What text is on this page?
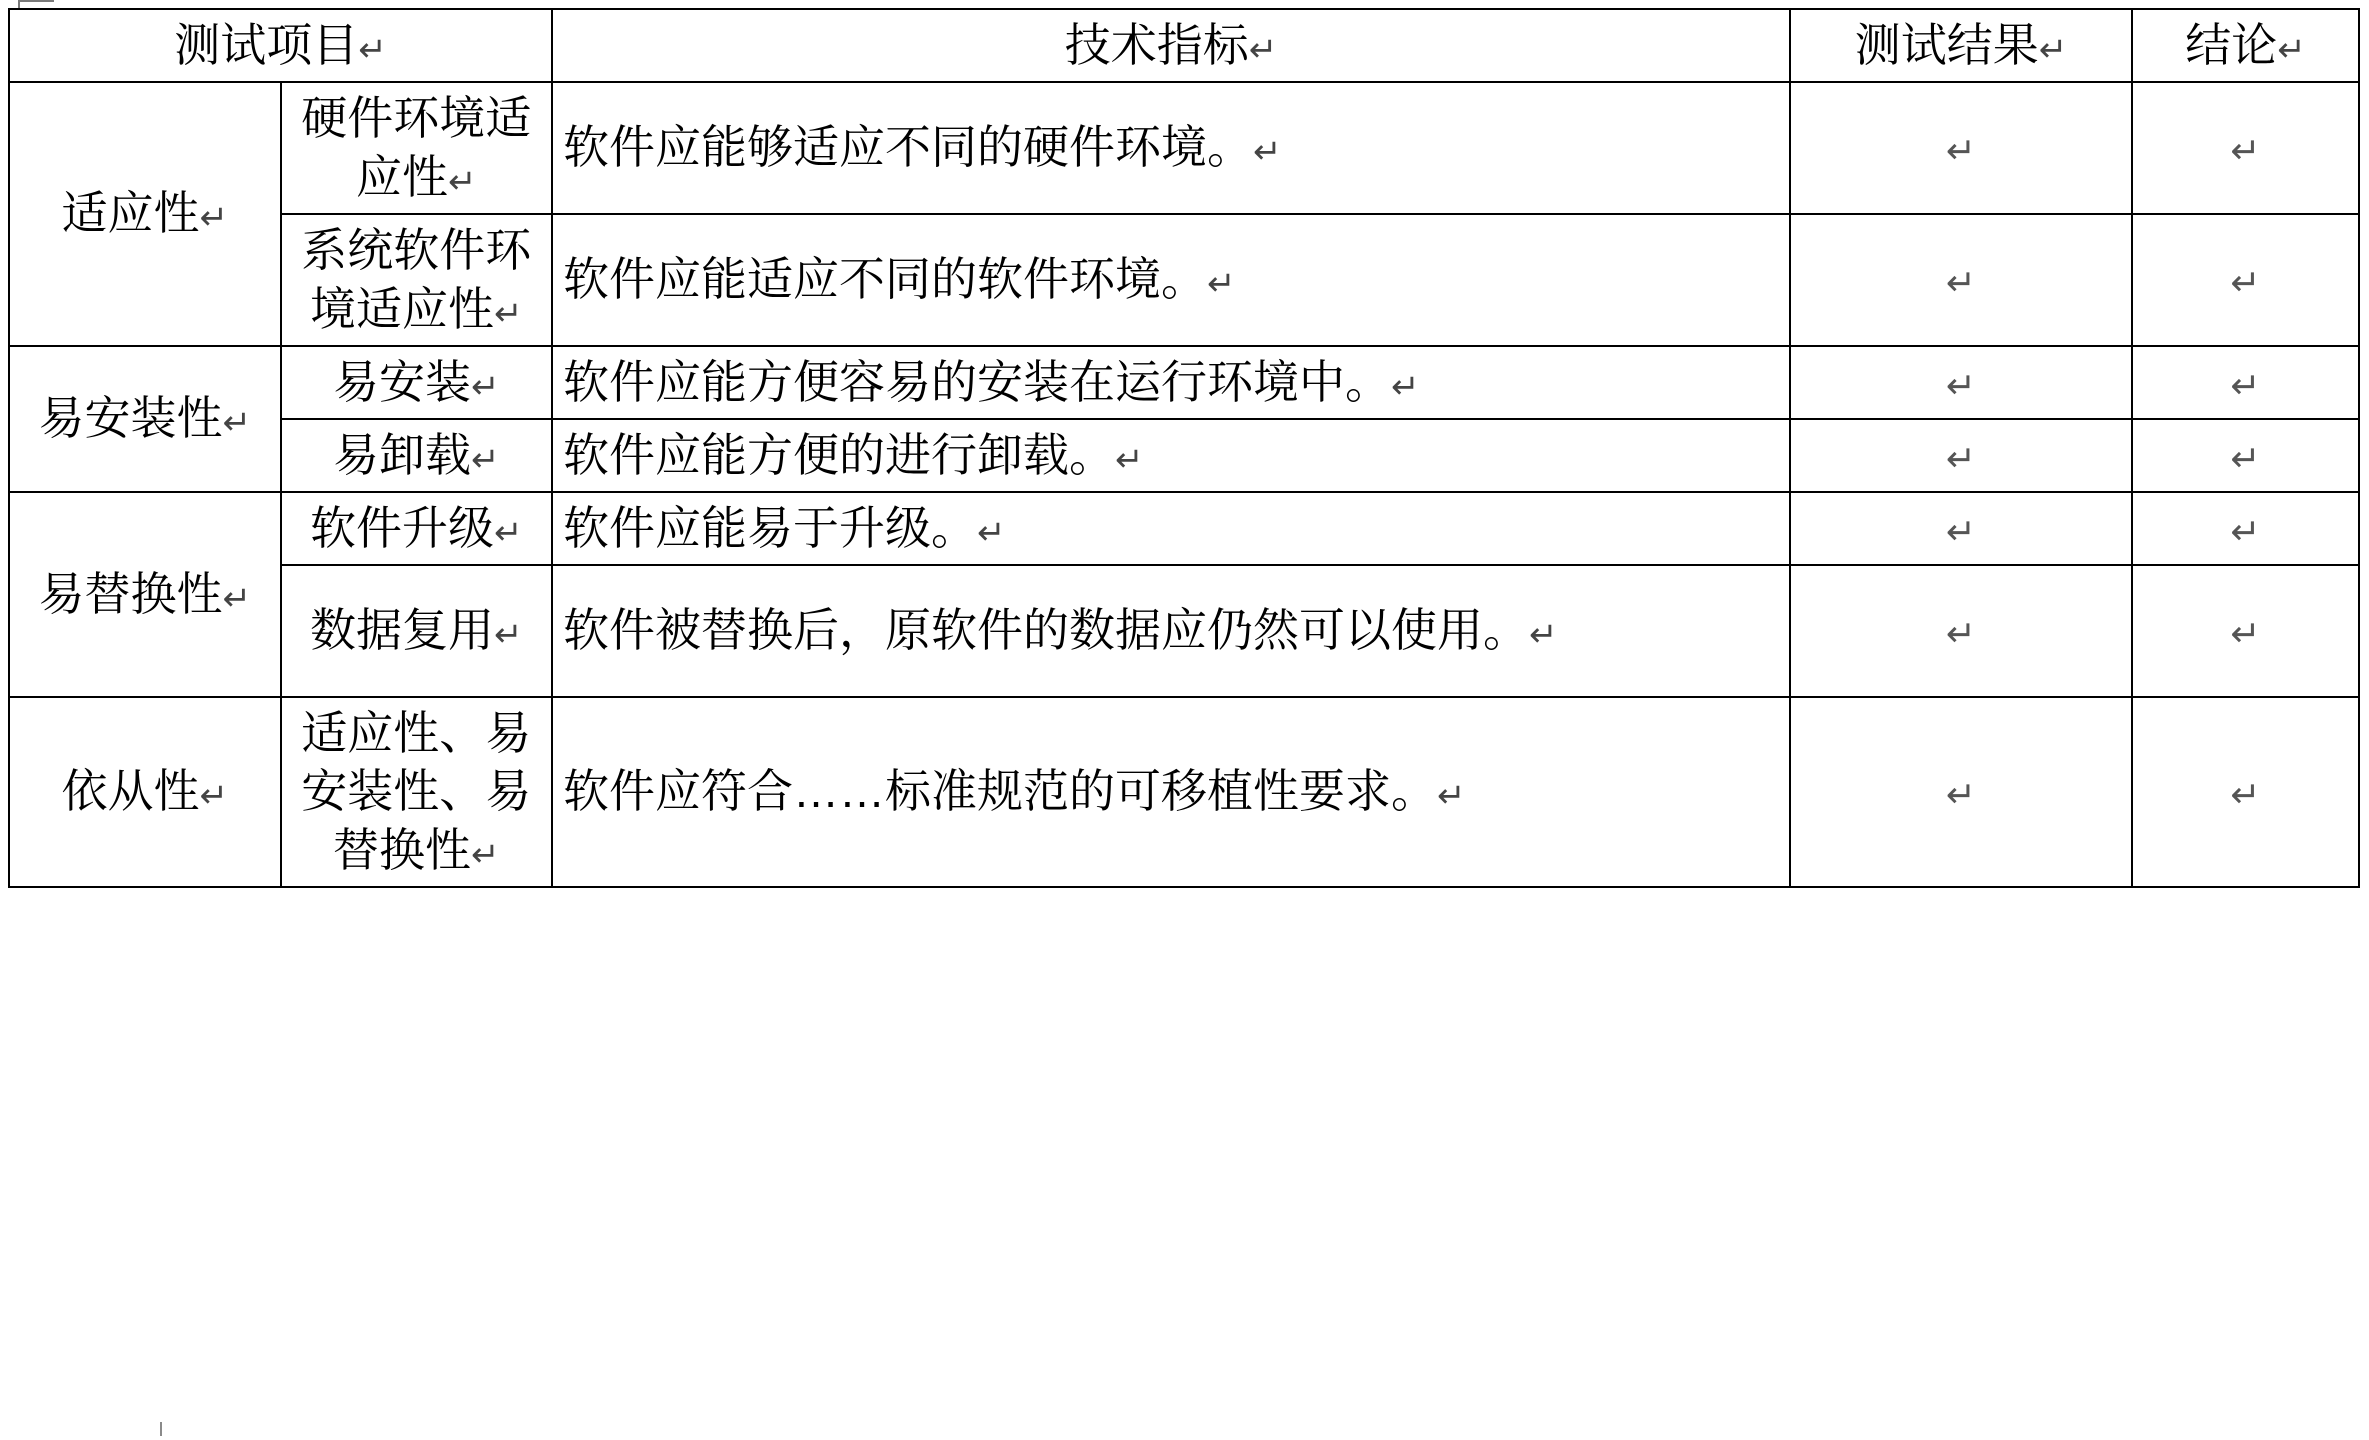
测试项目↵		技术指标↵	测试结果↵	结论↵
适应性↵	硬件环境适应性↵	软件应能够适应不同的硬件环境。↵	↵	↵
	系统软件环境适应性↵	软件应能适应不同的软件环境。↵	↵	↵
易安装性↵	易安装↵	软件应能方便容易的安装在运行环境中。↵	↵	↵
	易卸载↵	软件应能方便的进行卸载。↵	↵	↵
易替换性↵	软件升级↵	软件应能易于升级。↵	↵	↵
	数据复用↵	软件被替换后，原软件的数据应仍然可以使用。↵	↵	↵
依从性↵	适应性、易安装性、易替换性↵	软件应符合……标准规范的可移植性要求。↵	↵	↵
